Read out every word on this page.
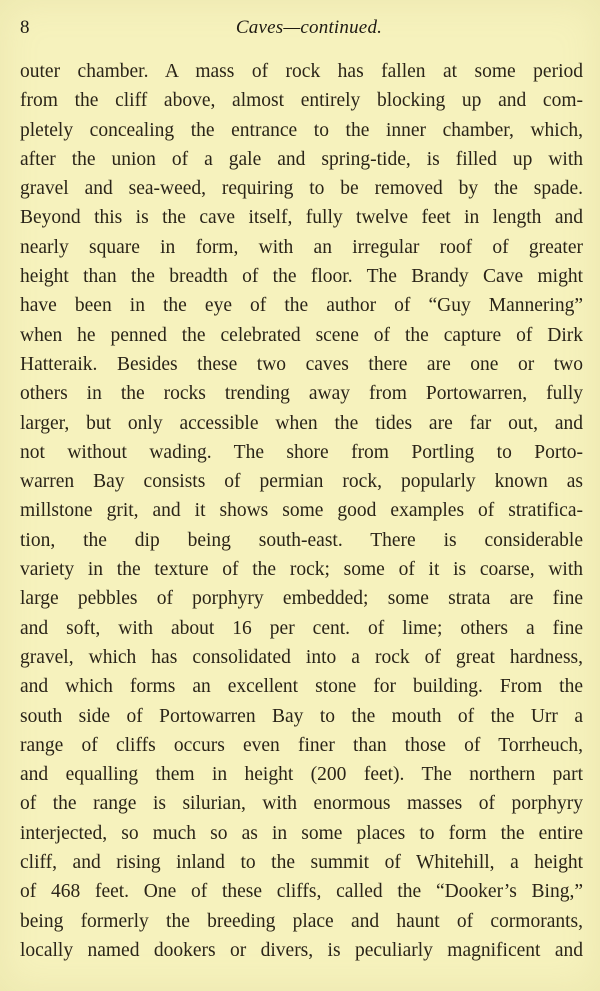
8	Caves—continued.
outer chamber. A mass of rock has fallen at some period
from the cliff above, almost entirely blocking up and com-
pletely concealing the entrance to the inner chamber, which,
after the union of a gale and spring-tide, is filled up with
gravel and sea-weed, requiring to be removed by the spade.
Beyond this is the cave itself, fully twelve feet in length and
nearly square in form, with an irregular roof of greater
height than the breadth of the floor. The Brandy Cave might
have been in the eye of the author of “Guy Mannering”
when he penned the celebrated scene of the capture of Dirk
Hatteraik. Besides these two caves there are one or two
others in the rocks trending away from Portowarren, fully
larger, but only accessible when the tides are far out, and
not without wading. The shore from Portling to Porto-
warren Bay consists of permian rock, popularly known as
millstone grit, and it shows some good examples of stratifica-
tion, the dip being south-east. There is considerable
variety in the texture of the rock; some of it is coarse, with
large pebbles of porphyry embedded; some strata are fine
and soft, with about 16 per cent. of lime; others a fine
gravel, which has consolidated into a rock of great hardness,
and which forms an excellent stone for building. From the
south side of Portowarren Bay to the mouth of the Urr a
range of cliffs occurs even finer than those of Torrheuch,
and equalling them in height (200 feet). The northern part
of the range is silurian, with enormous masses of porphyry
interjected, so much so as in some places to form the entire
cliff, and rising inland to the summit of Whitehill, a height
of 468 feet. One of these cliffs, called the “Dooker’s Bing,”
being formerly the breeding place and haunt of cormorants,
locally named dookers or divers, is peculiarly magnificent and
